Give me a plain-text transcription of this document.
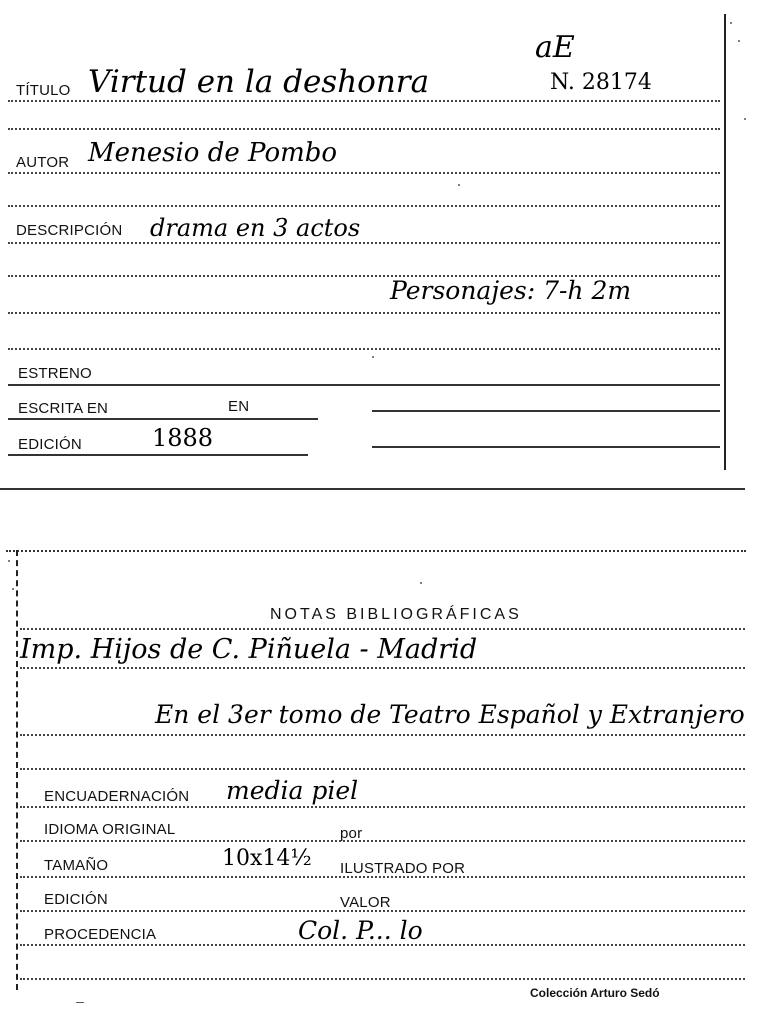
TÍTULO Virtud en la deshonra
aE
N. 28174
AUTOR Menesio de Pombo
DESCRIPCIÓN drama en 3 actos
Personajes: 7-h 2m
ESTRENO
ESCRITA EN	EN
EDICIÓN	1888
NOTAS BIBLIOGRÁFICAS
Imp. Hijos de C. Piñuela - Madrid
En el 3er tomo de Teatro Español y Extranjero
ENCUADERNACIÓN media piel
IDIOMA ORIGINAL	por
TAMAÑO	10x14½ ILUSTRADO POR
EDICIÓN	VALOR
PROCEDENCIA	Col. P... lo
Colección Arturo Sedó
